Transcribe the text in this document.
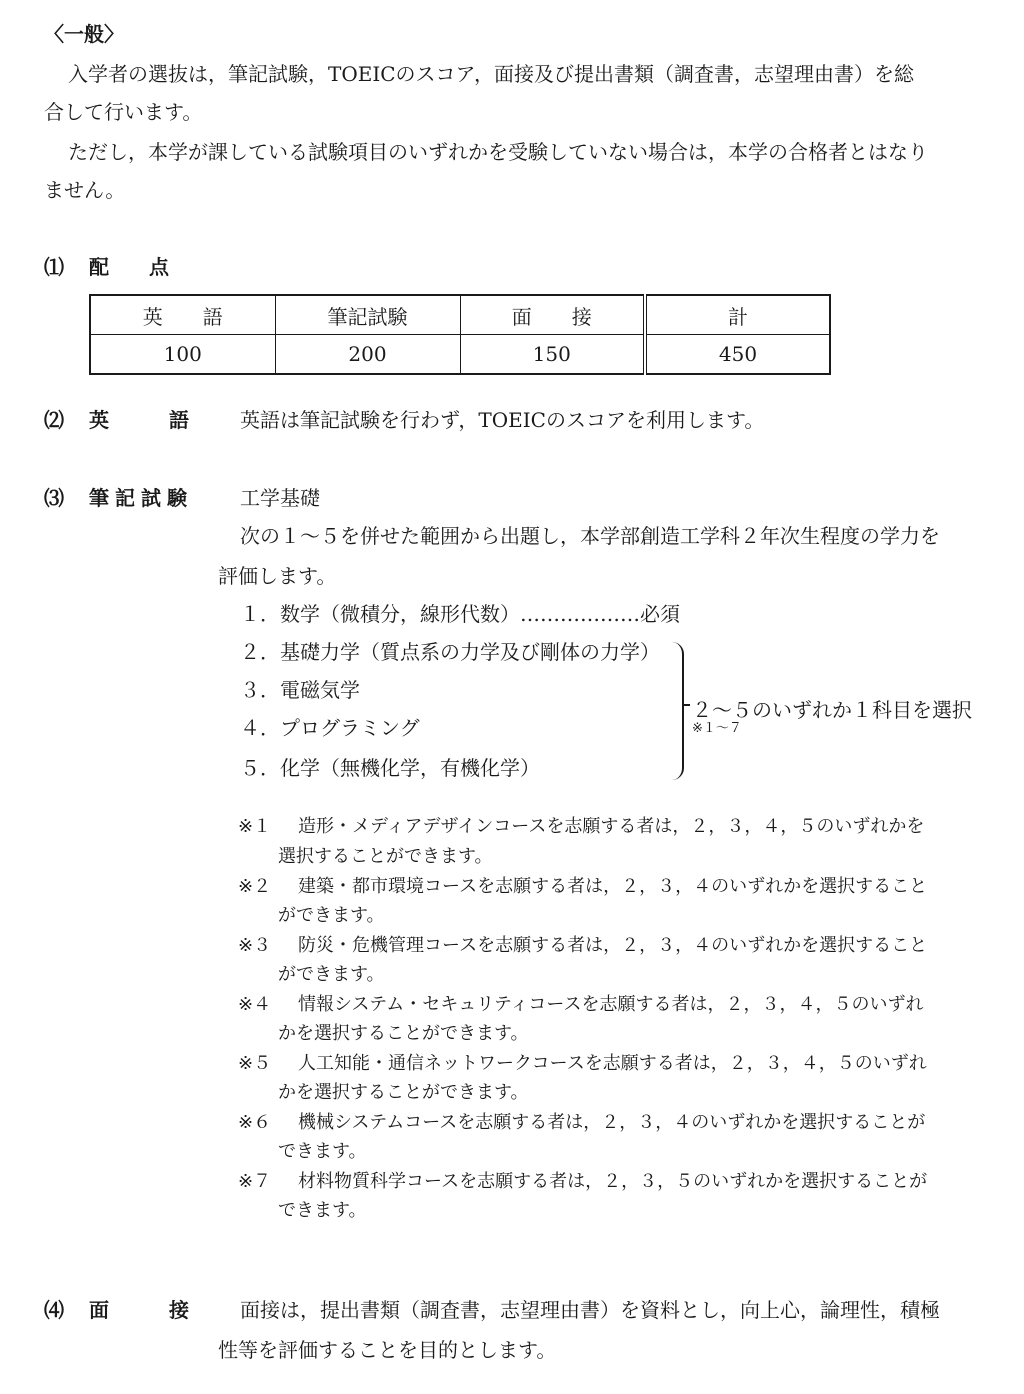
〈一般〉
入学者の選抜は，筆記試験，TOEICのスコア，面接及び提出書類（調査書，志望理由書）を総
合して行います。
ただし，本学が課している試験項目のいずれかを受験していない場合は，本学の合格者とはなり
ません。
⑴ 配　　点
英　　語	筆記試験	面　　接	計
100	200	150	450
⑵ 英　　　語	英語は筆記試験を行わず，TOEICのスコアを利用します。
⑶ 筆記試験 工学基礎
次の１～５を併せた範囲から出題し，本学部創造工学科２年次生程度の学力を
評価します。
１．数学（微積分，線形代数）………………必須
２．基礎力学（質点系の力学及び剛体の力学）
３．電磁気学
４．プログラミング
５．化学（無機化学，有機化学）
２～５のいずれか１科目を選択
※１～７
※１ 造形・メディアデザインコースを志願する者は，２，３，４，５のいずれかを
選択することができます。
※２ 建築・都市環境コースを志願する者は，２，３，４のいずれかを選択すること
ができます。
※３ 防災・危機管理コースを志願する者は，２，３，４のいずれかを選択すること
ができます。
※４ 情報システム・セキュリティコースを志願する者は，２，３，４，５のいずれ
かを選択することができます。
※５ 人工知能・通信ネットワークコースを志願する者は，２，３，４，５のいずれ
かを選択することができます。
※６ 機械システムコースを志願する者は，２，３，４のいずれかを選択することが
できます。
※７ 材料物質科学コースを志願する者は，２，３，５のいずれかを選択することが
できます。
⑷ 面　　　接	面接は，提出書類（調査書，志望理由書）を資料とし，向上心，論理性，積極
性等を評価することを目的とします。
